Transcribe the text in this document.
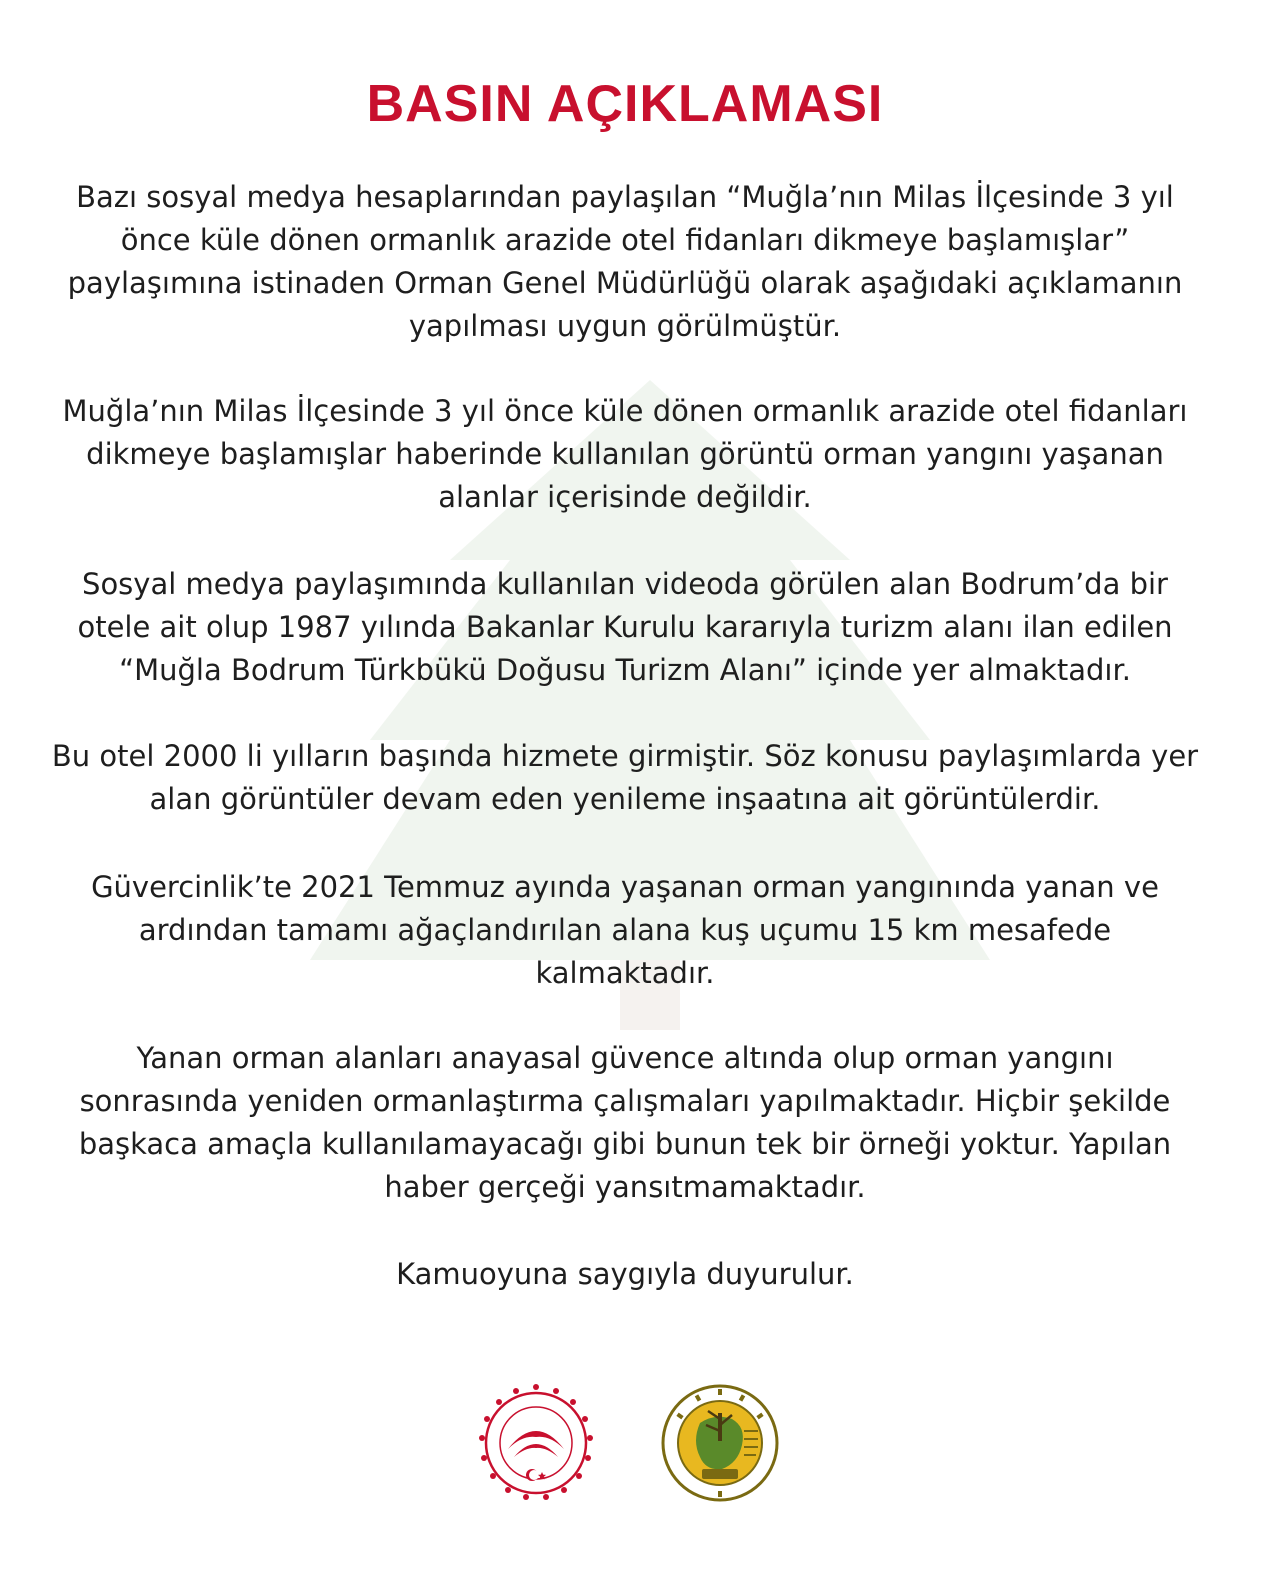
BASIN AÇIKLAMASI
Bazı sosyal medya hesaplarından paylaşılan “Muğla’nın Milas İlçesinde 3 yıl
önce küle dönen ormanlık arazide otel fidanları dikmeye başlamışlar”
paylaşımına istinaden Orman Genel Müdürlüğü olarak aşağıdaki açıklamanın
yapılması uygun görülmüştür.
Muğla’nın Milas İlçesinde 3 yıl önce küle dönen ormanlık arazide otel fidanları
dikmeye başlamışlar haberinde kullanılan görüntü orman yangını yaşanan
alanlar içerisinde değildir.
Sosyal medya paylaşımında kullanılan videoda görülen alan Bodrum’da bir
otele ait olup 1987 yılında Bakanlar Kurulu kararıyla turizm alanı ilan edilen
“Muğla Bodrum Türkbükü Doğusu Turizm Alanı” içinde yer almaktadır.
Bu otel 2000 li yılların başında hizmete girmiştir. Söz konusu paylaşımlarda yer
alan görüntüler devam eden yenileme inşaatına ait görüntülerdir.
Güvercinlik’te 2021 Temmuz ayında yaşanan orman yangınında yanan ve
ardından tamamı ağaçlandırılan alana kuş uçumu 15 km mesafede
kalmaktadır.
Yanan orman alanları anayasal güvence altında olup orman yangını
sonrasında yeniden ormanlaştırma çalışmaları yapılmaktadır. Hiçbir şekilde
başkaca amaçla kullanılamayacağı gibi bunun tek bir örneği yoktur. Yapılan
haber gerçeği yansıtmamaktadır.
Kamuoyuna saygıyla duyurulur.
